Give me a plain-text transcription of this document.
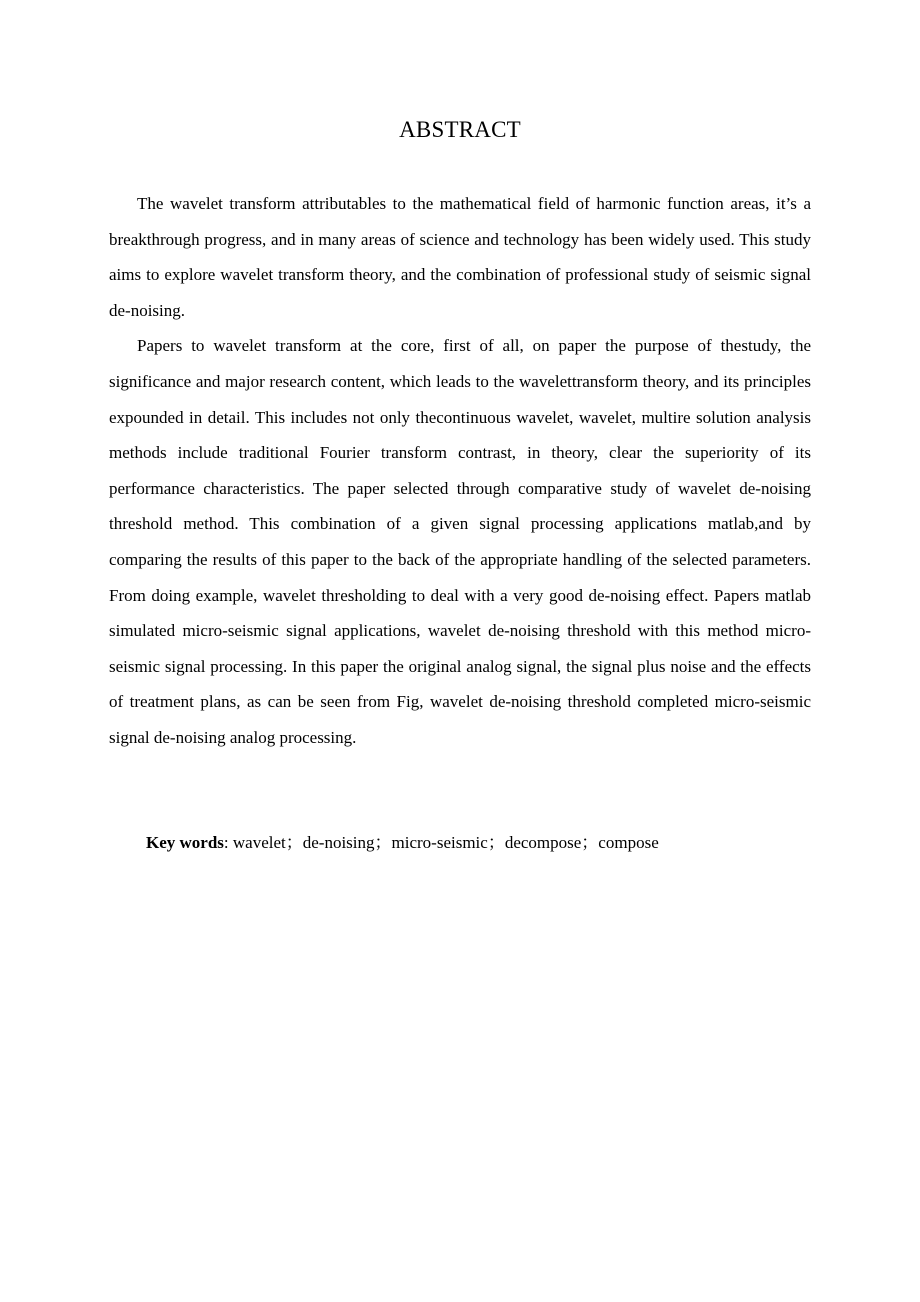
ABSTRACT

The wavelet transform attributables to the mathematical field of harmonic function areas, it’s a breakthrough progress, and in many areas of science and technology has been widely used. This study aims to explore wavelet transform theory, and the combination of professional study of seismic signal de-noising.

Papers to wavelet transform at the core, first of all, on paper the purpose of thestudy, the significance and major research content, which leads to the wavelettransform theory, and its principles expounded in detail. This includes not only thecontinuous wavelet, wavelet, multire solution analysis methods include traditional Fourier transform contrast, in theory, clear the superiority of its performance characteristics. The paper selected through comparative study of wavelet de-noising threshold method. This combination of a given signal processing applications matlab,and by comparing the results of this paper to the back of the appropriate handling of the selected parameters. From doing example, wavelet thresholding to deal with a very good de-noising effect. Papers matlab simulated micro-seismic signal applications, wavelet de-noising threshold with this method micro-seismic signal processing. In this paper the original analog signal, the signal plus noise and the effects of treatment plans, as can be seen from Fig, wavelet de-noising threshold completed micro-seismic signal de-noising analog processing.

Key words: wavelet；de-noising；micro-seismic；decompose；compose
